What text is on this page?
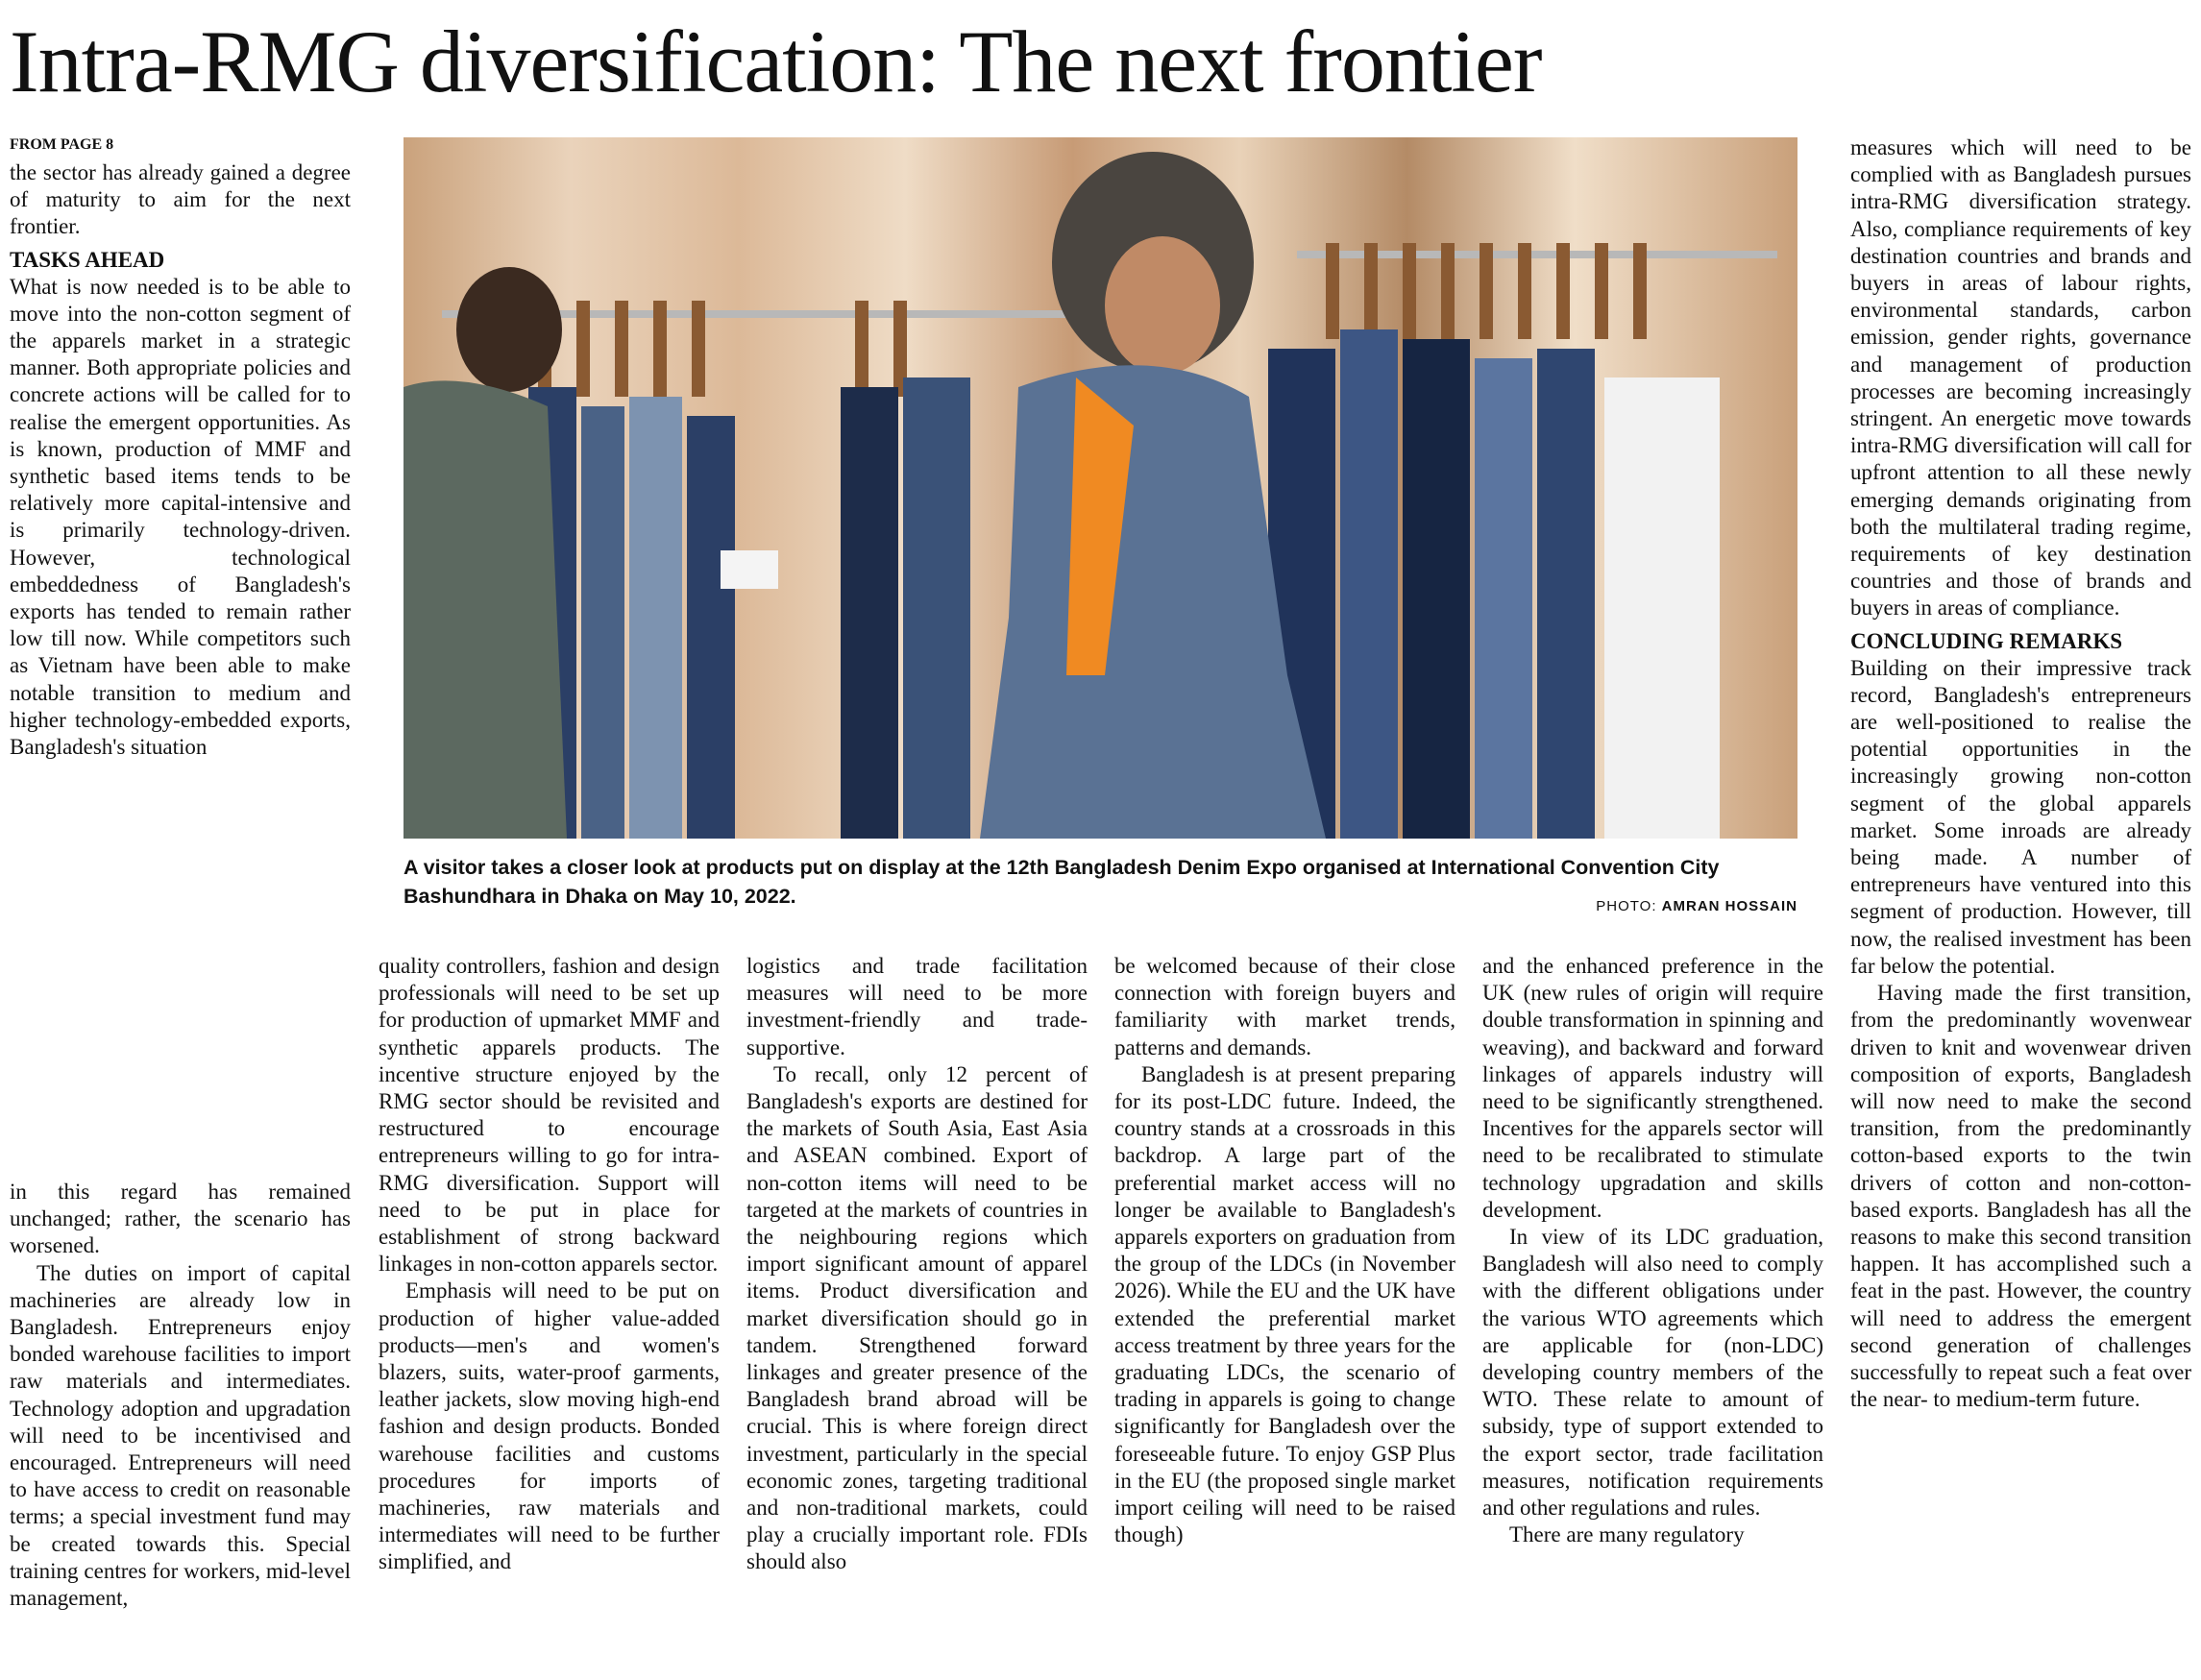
Intra-RMG diversification: The next frontier
FROM PAGE 8

the sector has already gained a degree of maturity to aim for the next frontier.

TASKS AHEAD

What is now needed is to be able to move into the non-cotton segment of the apparels market in a strategic manner. Both appropriate policies and concrete actions will be called for to realise the emergent opportunities. As is known, production of MMF and synthetic based items tends to be relatively more capital-intensive and is primarily technology-driven. However, technological embeddedness of Bangladesh's exports has tended to remain rather low till now. While competitors such as Vietnam have been able to make notable transition to medium and higher technology-embedded exports, Bangladesh's situation

in this regard has remained unchanged; rather, the scenario has worsened.

The duties on import of capital machineries are already low in Bangladesh. Entrepreneurs enjoy bonded warehouse facilities to import raw materials and intermediates. Technology adoption and upgradation will need to be incentivised and encouraged. Entrepreneurs will need to have access to credit on reasonable terms; a special investment fund may be created towards this. Special training centres for workers, mid-level management,

A visitor takes a closer look at products put on display at the 12th Bangladesh Denim Expo organised at International Convention City Bashundhara in Dhaka on May 10, 2022.	PHOTO: AMRAN HOSSAIN

quality controllers, fashion and design professionals will need to be set up for production of upmarket MMF and synthetic apparels products. The incentive structure enjoyed by the RMG sector should be revisited and restructured to encourage entrepreneurs willing to go for intra-RMG diversification. Support will need to be put in place for establishment of strong backward linkages in non-cotton apparels sector.

Emphasis will need to be put on production of higher value-added products—men's and women's blazers, suits, water-proof garments, leather jackets, slow moving high-end fashion and design products. Bonded warehouse facilities and customs procedures for imports of machineries, raw materials and intermediates will need to be further simplified, and

logistics and trade facilitation measures will need to be more investment-friendly and trade-supportive.

To recall, only 12 percent of Bangladesh's exports are destined for the markets of South Asia, East Asia and ASEAN combined. Export of non-cotton items will need to be targeted at the markets of countries in the neighbouring regions which import significant amount of apparel items. Product diversification and market diversification should go in tandem. Strengthened forward linkages and greater presence of the Bangladesh brand abroad will be crucial. This is where foreign direct investment, particularly in the special economic zones, targeting traditional and non-traditional markets, could play a crucially important role. FDIs should also

be welcomed because of their close connection with foreign buyers and familiarity with market trends, patterns and demands.

Bangladesh is at present preparing for its post-LDC future. Indeed, the country stands at a crossroads in this backdrop. A large part of the preferential market access will no longer be available to Bangladesh's apparels exporters on graduation from the group of the LDCs (in November 2026). While the EU and the UK have extended the preferential market access treatment by three years for the graduating LDCs, the scenario of trading in apparels is going to change significantly for Bangladesh over the foreseeable future. To enjoy GSP Plus in the EU (the proposed single market import ceiling will need to be raised though)

and the enhanced preference in the UK (new rules of origin will require double transformation in spinning and weaving), and backward and forward linkages of apparels industry will need to be significantly strengthened. Incentives for the apparels sector will need to be recalibrated to stimulate technology upgradation and skills development.

In view of its LDC graduation, Bangladesh will also need to comply with the different obligations under the various WTO agreements which are applicable for (non-LDC) developing country members of the WTO. These relate to amount of subsidy, type of support extended to the export sector, trade facilitation measures, notification requirements and other regulations and rules.

There are many regulatory

measures which will need to be complied with as Bangladesh pursues intra-RMG diversification strategy. Also, compliance requirements of key destination countries and brands and buyers in areas of labour rights, environmental standards, carbon emission, gender rights, governance and management of production processes are becoming increasingly stringent. An energetic move towards intra-RMG diversification will call for upfront attention to all these newly emerging demands originating from both the multilateral trading regime, requirements of key destination countries and those of brands and buyers in areas of compliance.

CONCLUDING REMARKS

Building on their impressive track record, Bangladesh's entrepreneurs are well-positioned to realise the potential opportunities in the increasingly growing non-cotton segment of the global apparels market. Some inroads are already being made. A number of entrepreneurs have ventured into this segment of production. However, till now, the realised investment has been far below the potential.

Having made the first transition, from the predominantly wovenwear driven to knit and wovenwear driven composition of exports, Bangladesh will now need to make the second transition, from the predominantly cotton-based exports to the twin drivers of cotton and non-cotton-based exports. Bangladesh has all the reasons to make this second transition happen. It has accomplished such a feat in the past. However, the country will need to address the emergent second generation of challenges successfully to repeat such a feat over the near- to medium-term future.
